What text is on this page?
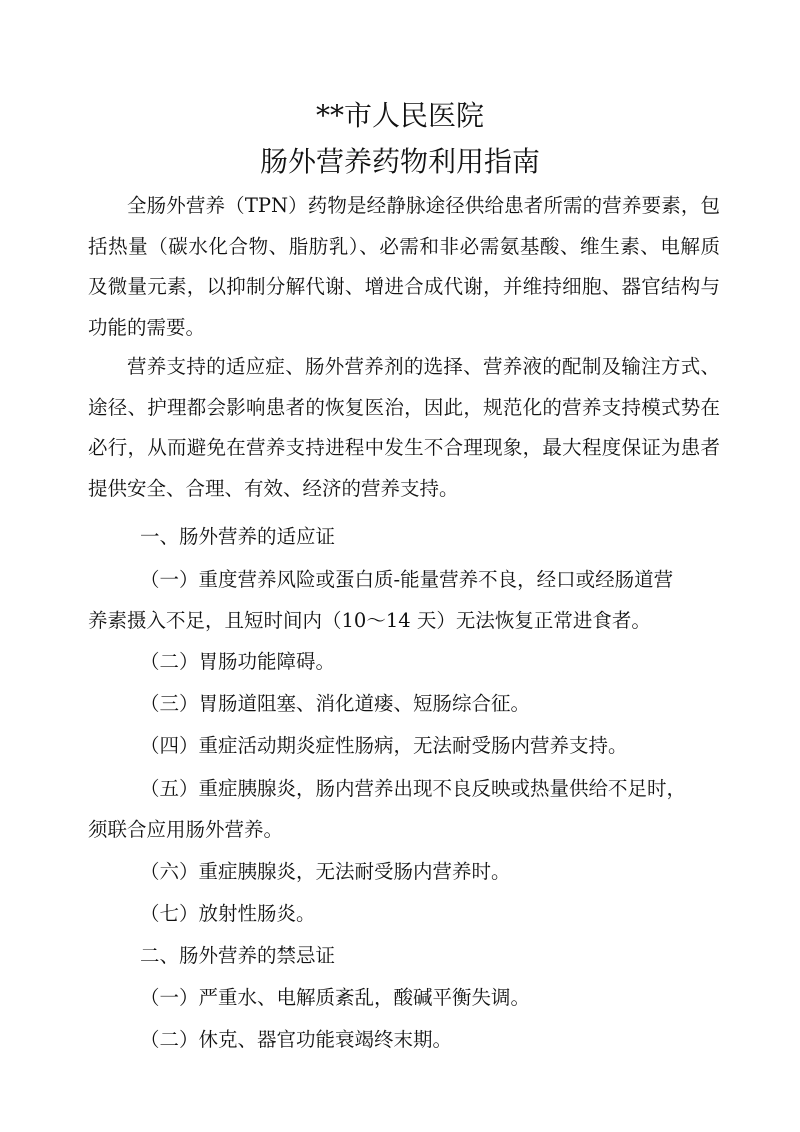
**市人民医院
肠外营养药物利用指南

全肠外营养（TPN）药物是经静脉途径供给患者所需的营养要素，包括热量（碳水化合物、脂肪乳）、必需和非必需氨基酸、维生素、电解质及微量元素，以抑制分解代谢、增进合成代谢，并维持细胞、器官结构与功能的需要。

营养支持的适应症、肠外营养剂的选择、营养液的配制及输注方式、途径、护理都会影响患者的恢复医治，因此，规范化的营养支持模式势在必行，从而避免在营养支持进程中发生不合理现象，最大程度保证为患者提供安全、合理、有效、经济的营养支持。

一、肠外营养的适应证
（一）重度营养风险或蛋白质-能量营养不良，经口或经肠道营
养素摄入不足，且短时间内（10～14 天）无法恢复正常进食者。
（二）胃肠功能障碍。
（三）胃肠道阻塞、消化道瘘、短肠综合征。
（四）重症活动期炎症性肠病，无法耐受肠内营养支持。
（五）重症胰腺炎，肠内营养出现不良反映或热量供给不足时，
须联合应用肠外营养。
（六）重症胰腺炎，无法耐受肠内营养时。
（七）放射性肠炎。
二、肠外营养的禁忌证
（一）严重水、电解质紊乱，酸碱平衡失调。
（二）休克、器官功能衰竭终末期。
